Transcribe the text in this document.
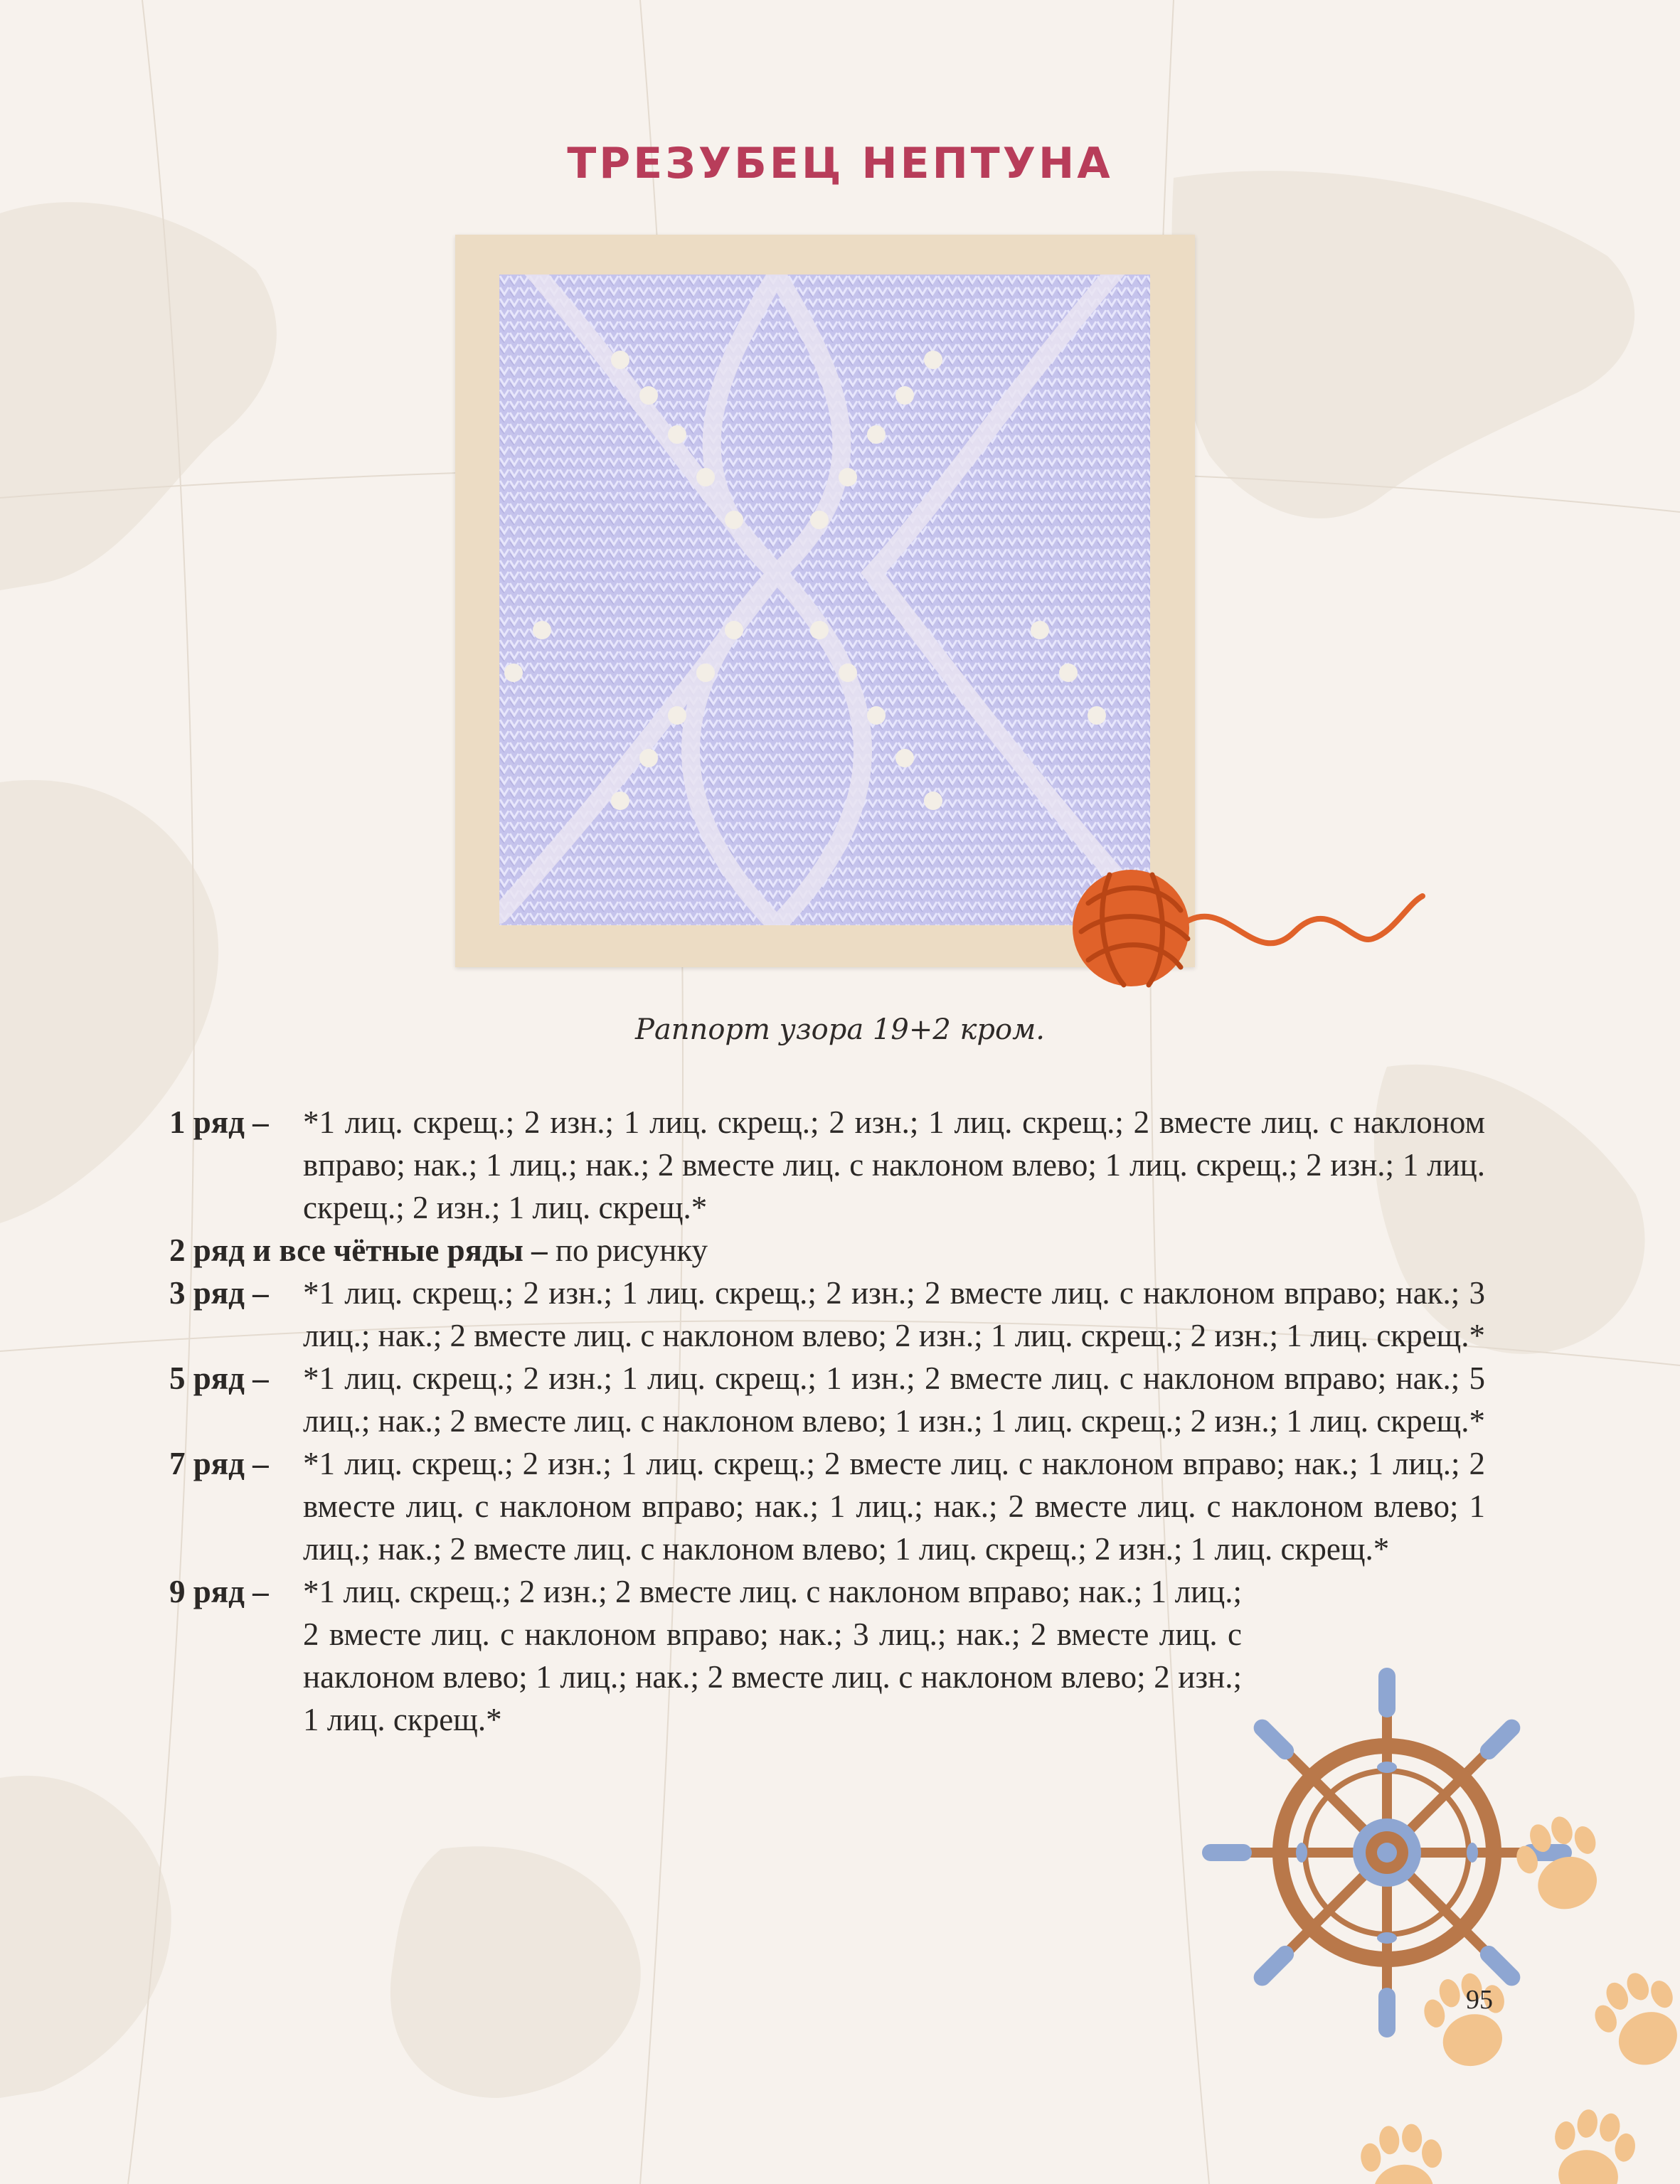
ТРЕЗУБЕЦ НЕПТУНА
Раппорт узора 19+2 кром.

1 ряд – *1 лиц. скрещ.; 2 изн.; 1 лиц. скрещ.; 2 изн.; 1 лиц. скрещ.; 2 вместе лиц. с наклоном вправо; нак.; 1 лиц.; нак.; 2 вместе лиц. с наклоном влево; 1 лиц. скрещ.; 2 изн.; 1 лиц. скрещ.; 2 изн.; 1 лиц. скрещ.*

2 ряд и все чётные ряды – по рисунку

3 ряд – *1 лиц. скрещ.; 2 изн.; 1 лиц. скрещ.; 2 изн.; 2 вместе лиц. с наклоном вправо; нак.; 3 лиц.; нак.; 2 вместе лиц. с наклоном влево; 2 изн.; 1 лиц. скрещ.; 2 изн.; 1 лиц. скрещ.*

5 ряд – *1 лиц. скрещ.; 2 изн.; 1 лиц. скрещ.; 1 изн.; 2 вместе лиц. с наклоном вправо; нак.; 5 лиц.; нак.; 2 вместе лиц. с наклоном влево; 1 изн.; 1 лиц. скрещ.; 2 изн.; 1 лиц. скрещ.*

7 ряд – *1 лиц. скрещ.; 2 изн.; 1 лиц. скрещ.; 2 вместе лиц. с наклоном вправо; нак.; 1 лиц.; 2 вместе лиц. с наклоном вправо; нак.; 1 лиц.; нак.; 2 вместе лиц. с наклоном влево; 1 лиц.; нак.; 2 вместе лиц. с наклоном влево; 1 лиц. скрещ.; 2 изн.; 1 лиц. скрещ.*

9 ряд – *1 лиц. скрещ.; 2 изн.; 2 вместе лиц. с наклоном вправо; нак.; 1 лиц.; 2 вместе лиц. с наклоном вправо; нак.; 3 лиц.; нак.; 2 вместе лиц. с наклоном влево; 1 лиц.; нак.; 2 вместе лиц. с наклоном влево; 2 изн.; 1 лиц. скрещ.*

95
